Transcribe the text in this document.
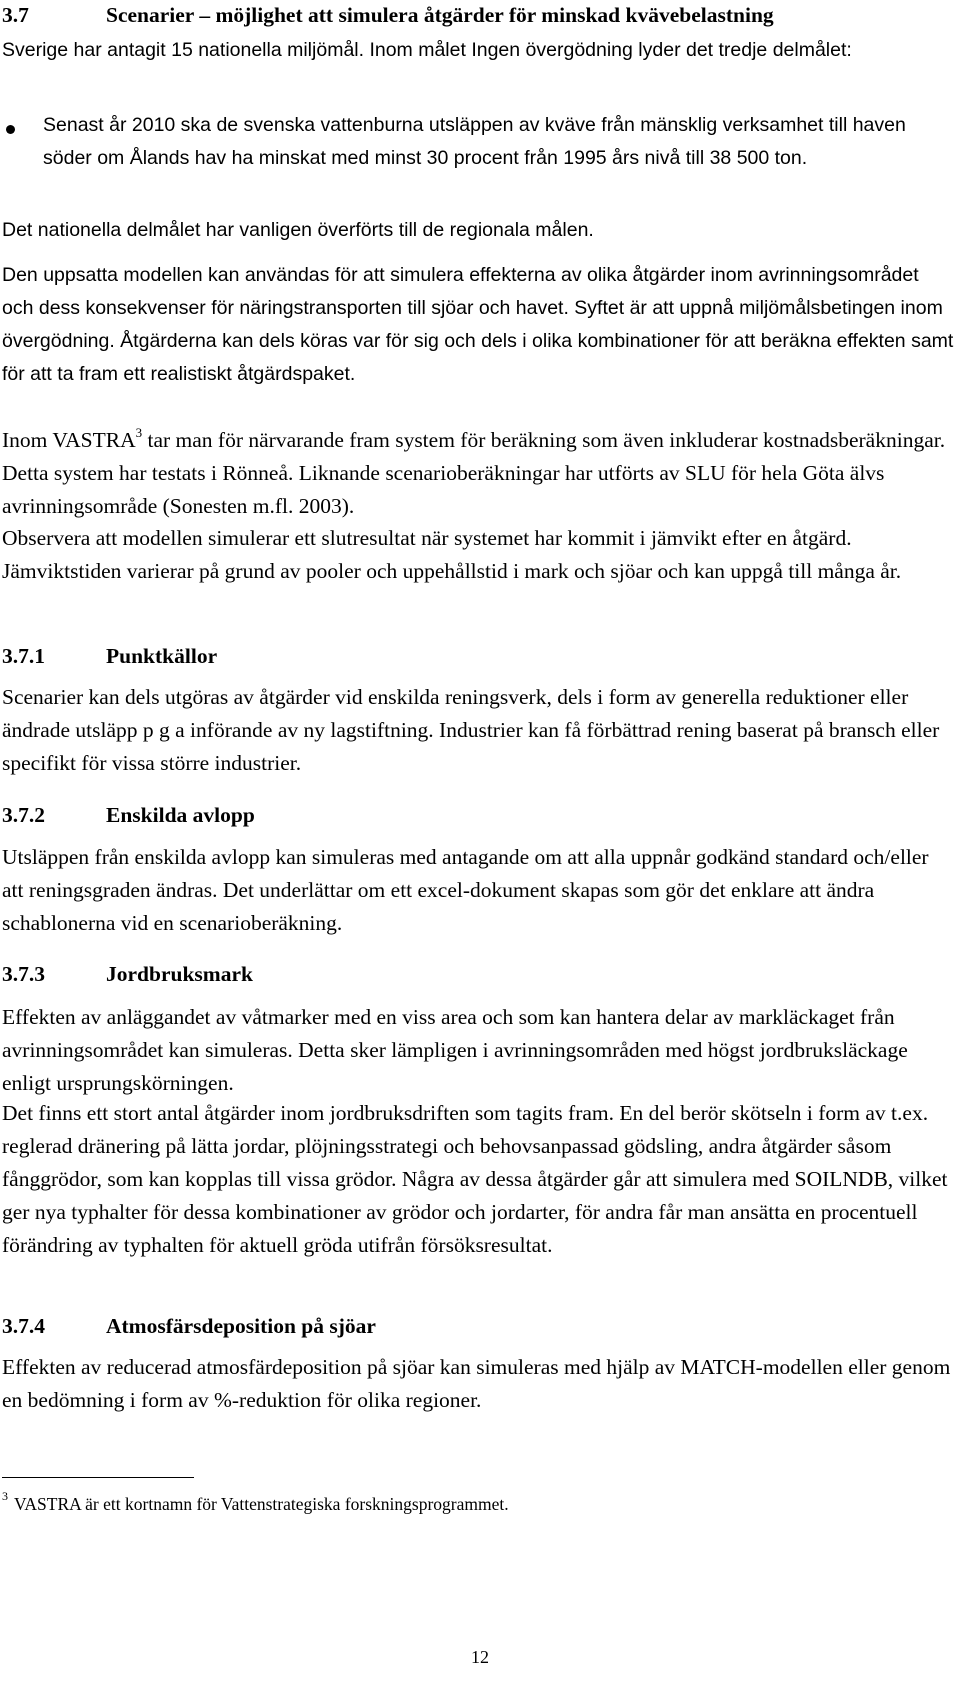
3.7	Scenarier – möjlighet att simulera åtgärder för minskad kvävebelastning

Sverige har antagit 15 nationella miljömål. Inom målet Ingen övergödning lyder det tredje delmålet:

Senast år 2010 ska de svenska vattenburna utsläppen av kväve från mänsklig verksamhet till haven söder om Ålands hav ha minskat med minst 30 procent från 1995 års nivå till 38 500 ton.

Det nationella delmålet har vanligen överförts till de regionala målen.

Den uppsatta modellen kan användas för att simulera effekterna av olika åtgärder inom avrinningsområdet och dess konsekvenser för näringstransporten till sjöar och havet. Syftet är att uppnå miljömålsbetingen inom övergödning. Åtgärderna kan dels köras var för sig och dels i olika kombinationer för att beräkna effekten samt för att ta fram ett realistiskt åtgärdspaket.

Inom VASTRA$^3$ tar man för närvarande fram system för beräkning som även inkluderar kostnadsberäkningar. Detta system har testats i Rönneå. Liknande scenarioberäkningar har utförts av SLU för hela Göta älvs avrinningsområde (Sonesten m.fl. 2003).

Observera att modellen simulerar ett slutresultat när systemet har kommit i jämvikt efter en åtgärd. Jämviktstiden varierar på grund av pooler och uppehållstid i mark och sjöar och kan uppgå till många år.

3.7.1	Punktkällor

Scenarier kan dels utgöras av åtgärder vid enskilda reningsverk, dels i form av generella reduktioner eller ändrade utsläpp p g a införande av ny lagstiftning. Industrier kan få förbättrad rening baserat på bransch eller specifikt för vissa större industrier.

3.7.2	Enskilda avlopp

Utsläppen från enskilda avlopp kan simuleras med antagande om att alla uppnår godkänd standard och/eller att reningsgraden ändras. Det underlättar om ett excel-dokument skapas som gör det enklare att ändra schablonerna vid en scenarioberäkning.

3.7.3	Jordbruksmark

Effekten av anläggandet av våtmarker med en viss area och som kan hantera delar av markläckaget från avrinningsområdet kan simuleras. Detta sker lämpligen i avrinningsområden med högst jordbruksläckage enligt ursprungskörningen.

Det finns ett stort antal åtgärder inom jordbruksdriften som tagits fram. En del berör skötseln i form av t.ex. reglerad dränering på lätta jordar, plöjningsstrategi och behovsanpassad gödsling, andra åtgärder såsom fånggrödor, som kan kopplas till vissa grödor. Några av dessa åtgärder går att simulera med SOILNDB, vilket ger nya typhalter för dessa kombinationer av grödor och jordarter, för andra får man ansätta en procentuell förändring av typhalten för aktuell gröda utifrån försöksresultat.

3.7.4	Atmosfärsdeposition på sjöar

Effekten av reducerad atmosfärdeposition på sjöar kan simuleras med hjälp av MATCH-modellen eller genom en bedömning i form av %-reduktion för olika regioner.

$^3$ VASTRA är ett kortnamn för Vattenstrategiska forskningsprogrammet.
12
